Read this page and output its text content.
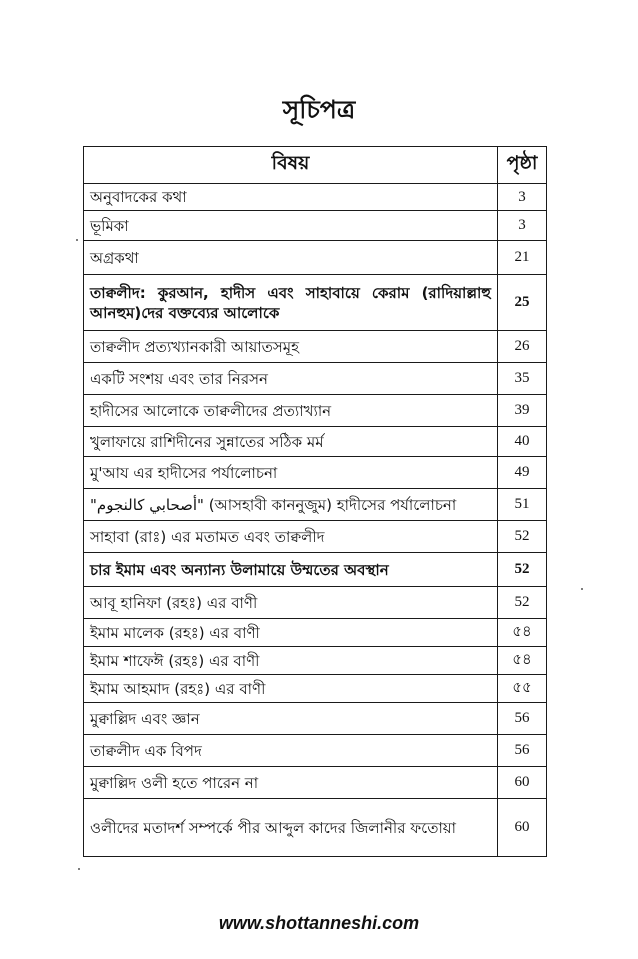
সূচিপত্র
বিষয়	পৃষ্ঠা
অনুবাদকের কথা	3
ভূমিকা	3
অগ্রকথা	21
তাক্বলীদ: কুরআন, হাদীস এবং সাহাবায়ে কেরাম (রাদিয়াল্লাহু আনহুম)দের বক্তব্যের আলোকে	25
তাক্বলীদ প্রত্যখ্যানকারী আয়াতসমূহ	26
একটি সংশয় এবং তার নিরসন	35
হাদীসের আলোকে তাক্বলীদের প্রত্যাখ্যান	39
খুলাফায়ে রাশিদীনের সুন্নাতের সঠিক মর্ম	40
মু'আয এর হাদীসের পর্যালোচনা	49
"أصحابي كالنجوم" (আসহাবী কাননুজুম) হাদীসের পর্যালোচনা	51
সাহাবা (রাঃ) এর মতামত এবং তাক্বলীদ	52
চার ইমাম এবং অন্যান্য উলামায়ে উম্মতের অবস্থান	52
আবূ হানিফা (রহঃ) এর বাণী	52
ইমাম মালেক (রহঃ) এর বাণী	৫৪
ইমাম শাফেঈ (রহঃ) এর বাণী	৫৪
ইমাম আহমাদ (রহঃ) এর বাণী	৫৫
মুক্বাল্লিদ এবং জ্ঞান	56
তাক্বলীদ এক বিপদ	56
মুক্বাল্লিদ ওলী হতে পারেন না	60
ওলীদের মতাদর্শ সম্পর্কে পীর আব্দুল কাদের জিলানীর ফতোয়া	60
www.shottanneshi.com
